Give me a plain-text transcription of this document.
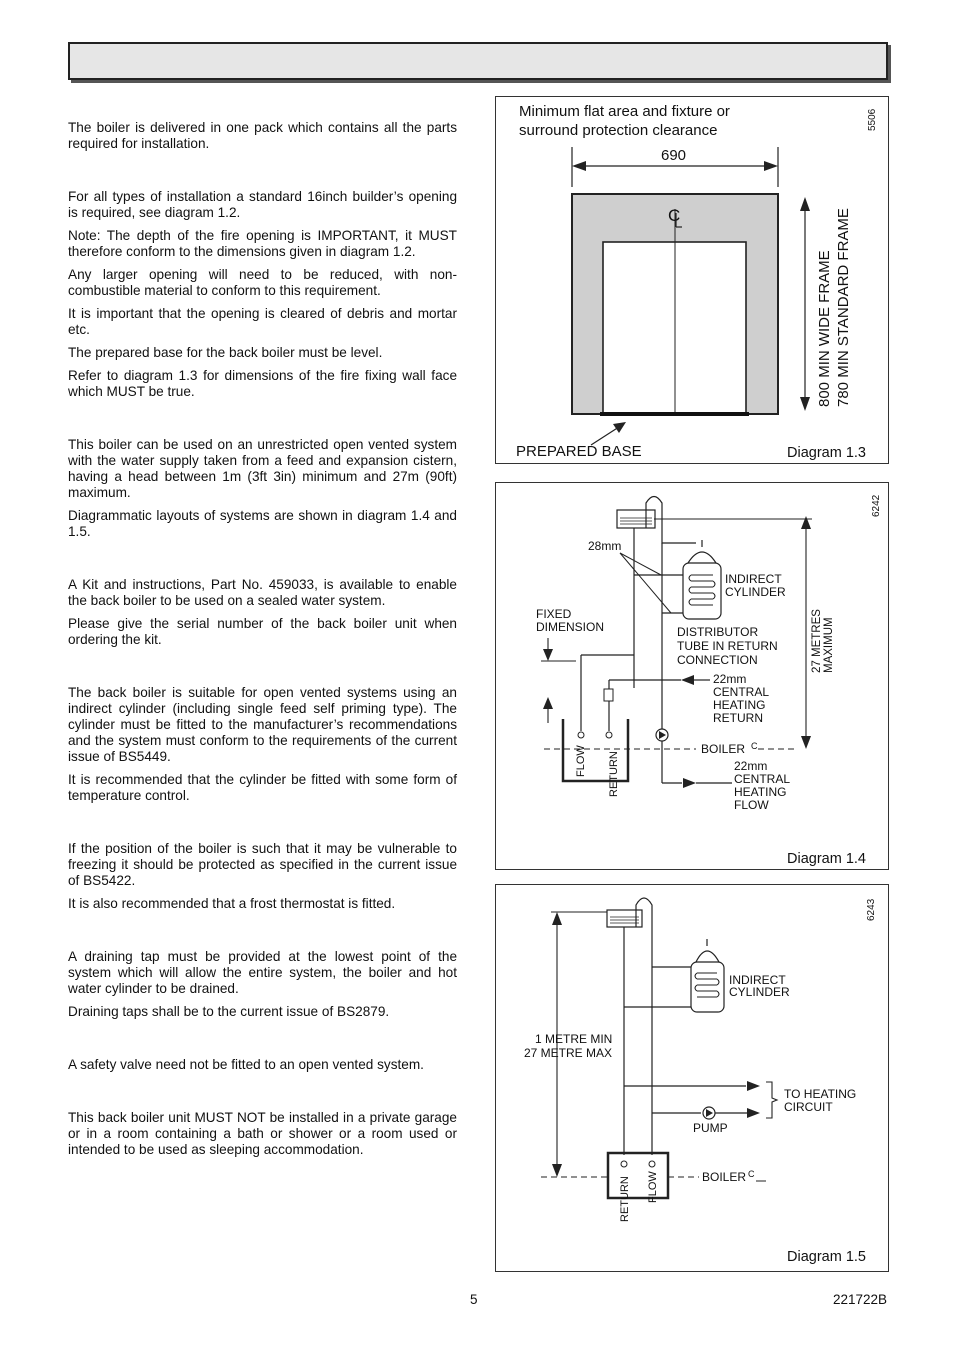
The boiler is delivered in one pack which contains all the parts required for installation.

For all types of installation a standard 16inch builder’s opening is required, see diagram 1.2.

Note: The depth of the fire opening is IMPORTANT, it MUST therefore conform to the dimensions given in diagram 1.2.

Any larger opening will need to be reduced, with non-combustible material to conform to this requirement.

It is important that the opening is cleared of debris and mortar etc.

The prepared base for the back boiler must be level.

Refer to diagram 1.3 for dimensions of the fire fixing wall face which MUST be true.

This boiler can be used on an unrestricted open vented system with the water supply taken from a feed and expansion cistern, having a head between 1m (3ft 3in) minimum and 27m (90ft) maximum.

Diagrammatic layouts of systems are shown in diagram 1.4 and 1.5.

A Kit and instructions, Part No. 459033, is available to enable the back boiler to be used on a sealed water system.

Please give the serial number of the back boiler unit when ordering the kit.

The back boiler is suitable for open vented systems using an indirect cylinder (including single feed self priming type). The cylinder must be fitted to the manufacturer’s recommendations and the system must conform to the requirements of the current issue of BS5449.

It is recommended that the cylinder be fitted with some form of temperature control.

If the position of the boiler is such that it may be vulnerable to freezing it should be protected as specified in the current issue of BS5422.

It is also recommended that a frost thermostat is fitted.

A draining tap must be provided at the lowest point of the system which will allow the entire system, the boiler and hot water cylinder to be drained.

Draining taps shall be to the current issue of BS2879.

A safety valve need not be fitted to an open vented system.

This back boiler unit MUST NOT be installed in a private garage or in a room containing a bath or shower or a room used or intended to be used as sleeping accommodation.

Minimum flat area and fixture or
surround protection clearance	5506
690
C
800 MIN WIDE FRAME 780 MIN STANDARD FRAME
PREPARED BASE	Diagram 1.3
6242
INDIRECT
CYLINDER
28mm
27 METRES MAXIMUM
FIXED
DIMENSION	DISTRIBUTOR
TUBE IN RETURN
CONNECTION
22mm
CENTRAL
HEATING
RETURN
FLOW RETURN	22mm
CENTRAL
HEATING
FLOW
BOILER C
Diagram 1.4
6243
1 METRE MIN
27 METRE MAX
INDIRECT
CYLINDER
TO HEATING
CIRCUIT
PUMP
RETURN FLOW	BOILER C
Diagram 1.5
5	221722B
